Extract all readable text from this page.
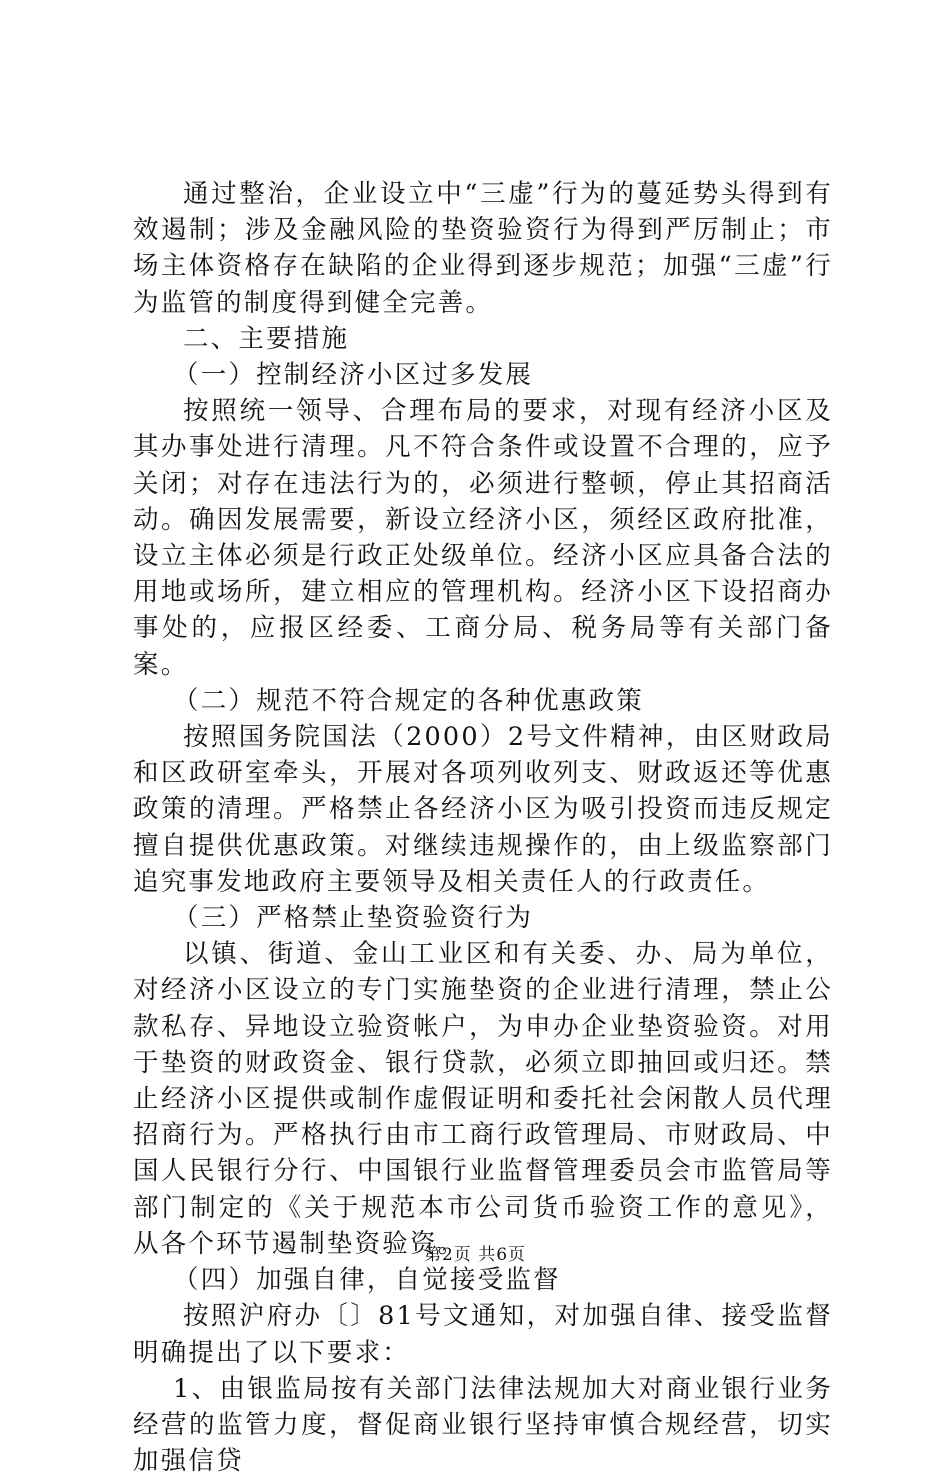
通过整治，企业设立中“三虚”行为的蔓延势头得到有效遏制；涉及金融风险的垫资验资行为得到严厉制止；市场主体资格存在缺陷的企业得到逐步规范；加强“三虚”行为监管的制度得到健全完善。

二、主要措施

（一）控制经济小区过多发展

按照统一领导、合理布局的要求，对现有经济小区及其办事处进行清理。凡不符合条件或设置不合理的，应予关闭；对存在违法行为的，必须进行整顿，停止其招商活动。确因发展需要，新设立经济小区，须经区政府批准，设立主体必须是行政正处级单位。经济小区应具备合法的用地或场所，建立相应的管理机构。经济小区下设招商办事处的，应报区经委、工商分局、税务局等有关部门备案。

（二）规范不符合规定的各种优惠政策

按照国务院国法（2000）2号文件精神，由区财政局和区政研室牵头，开展对各项列收列支、财政返还等优惠政策的清理。严格禁止各经济小区为吸引投资而违反规定擅自提供优惠政策。对继续违规操作的，由上级监察部门追究事发地政府主要领导及相关责任人的行政责任。

（三）严格禁止垫资验资行为

以镇、街道、金山工业区和有关委、办、局为单位，对经济小区设立的专门实施垫资的企业进行清理，禁止公款私存、异地设立验资帐户，为申办企业垫资验资。对用于垫资的财政资金、银行贷款，必须立即抽回或归还。禁止经济小区提供或制作虚假证明和委托社会闲散人员代理招商行为。严格执行由市工商行政管理局、市财政局、中国人民银行分行、中国银行业监督管理委员会市监管局等部门制定的《关于规范本市公司货币验资工作的意见》，从各个环节遏制垫资验资。

（四）加强自律，自觉接受监督

按照沪府办〔〕81号文通知，对加强自律、接受监督明确提出了以下要求：

1、由银监局按有关部门法律法规加大对商业银行业务经营的监管力度，督促商业银行坚持审慎合规经营，切实加强信贷

第2页 共6页
